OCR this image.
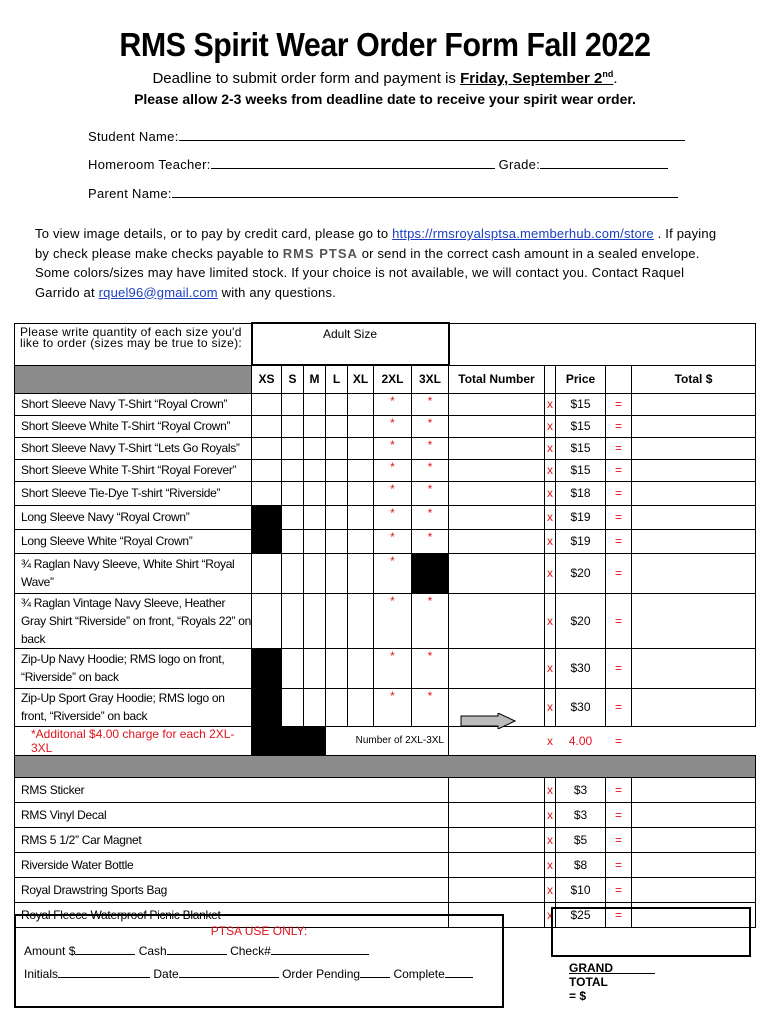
RMS Spirit Wear Order Form Fall 2022
Deadline to submit order form and payment is Friday, September 2nd.
Please allow 2-3 weeks from deadline date to receive your spirit wear order.
Student Name:
Homeroom Teacher:	Grade:
Parent Name:
To view image details, or to pay by credit card, please go to https://rmsroyalsptsa.memberhub.com/store . If paying by check please make checks payable to RMS PTSA or send in the correct cash amount in a sealed envelope. Some colors/sizes may have limited stock. If your choice is not available, we will contact you. Contact Raquel Garrido at rquel96@gmail.com with any questions.
Please write quantity of each size you'd like to order (sizes may be true to size):	Adult Size											
	XS	S	M	L	XL	2XL	3XL	Total Number		Price		Total $
Short Sleeve Navy T-Shirt “Royal Crown”						*	*		x	$15	=	
Short Sleeve White T-Shirt “Royal Crown”						*	*		x	$15	=	
Short Sleeve Navy T-Shirt “Lets Go Royals”						*	*		x	$15	=	
Short Sleeve White T-Shirt “Royal Forever”						*	*		x	$15	=	
Short Sleeve Tie-Dye T-shirt “Riverside”						*	*		x	$18	=	
Long Sleeve Navy “Royal Crown”						*	*		x	$19	=	
Long Sleeve White “Royal Crown”						*	*		x	$19	=	
¾ Raglan Navy Sleeve, White Shirt “Royal Wave”						*			x	$20	=	
¾ Raglan Vintage Navy Sleeve, Heather Gray Shirt “Riverside” on front, “Royals 22” on back						*	*		x	$20	=	
Zip-Up Navy Hoodie; RMS logo on front, “Riverside” on back						*	*		x	$30	=	
Zip-Up Sport Gray Hoodie; RMS logo on front, “Riverside” on back						*	*		x	$30	=	
*Additonal $4.00 charge for each 2XL-3XL				Number of 2XL-3XL					x	4.00	=	

RMS Sticker									x	$3	=	
RMS Vinyl Decal									x	$3	=	
RMS 5 1/2” Car Magnet									x	$5	=	
Riverside Water Bottle									x	$8	=	
Royal Drawstring Sports Bag									x	$10	=	
Royal Fleece Waterproof Picnic Blanket									x	$25	=	
PTSA USE ONLY:
Amount $	Cash	Check#
Initials	Date	Order Pending	Complete	GRAND TOTAL = $
